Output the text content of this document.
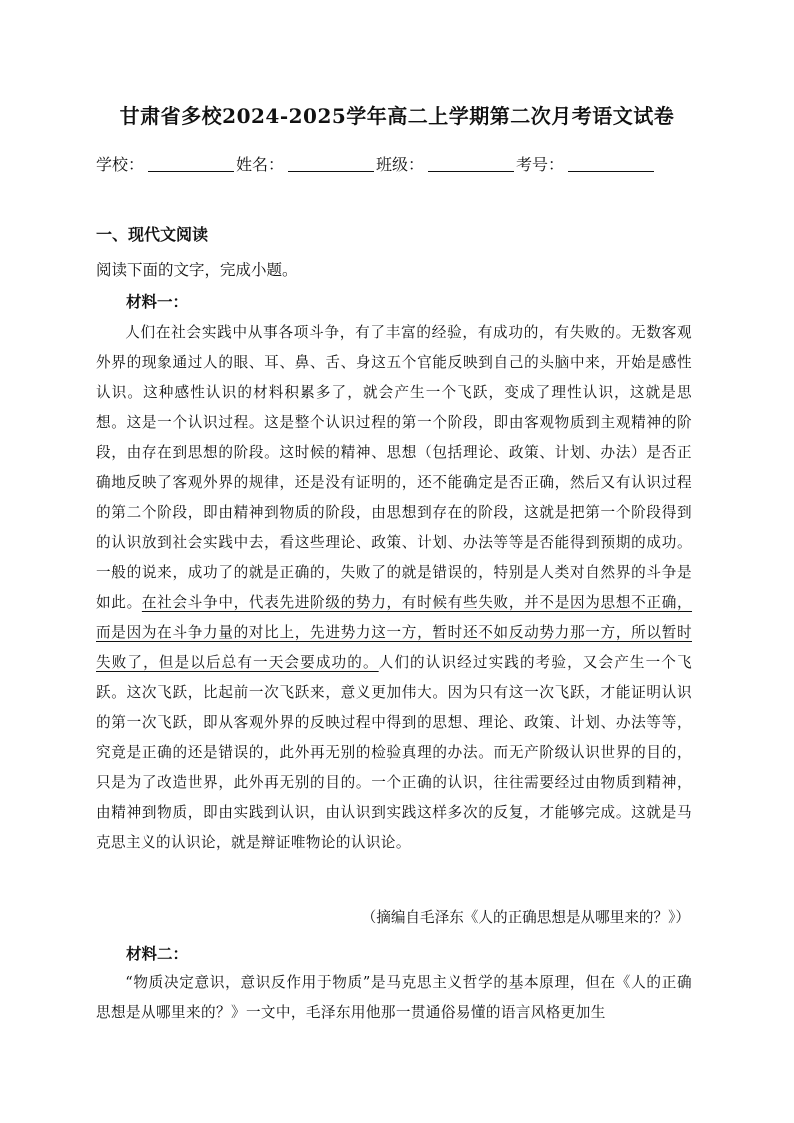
甘肃省多校2024-2025学年高二上学期第二次月考语文试卷
学校：	姓名：	班级：	考号：
一、现代文阅读
阅读下面的文字，完成小题。
材料一：
人们在社会实践中从事各项斗争，有了丰富的经验，有成功的，有失败的。无数客观外界的现象通过人的眼、耳、鼻、舌、身这五个官能反映到自己的头脑中来，开始是感性认识。这种感性认识的材料积累多了，就会产生一个飞跃，变成了理性认识，这就是思想。这是一个认识过程。这是整个认识过程的第一个阶段，即由客观物质到主观精神的阶段，由存在到思想的阶段。这时候的精神、思想（包括理论、政策、计划、办法）是否正确地反映了客观外界的规律，还是没有证明的，还不能确定是否正确，然后又有认识过程的第二个阶段，即由精神到物质的阶段，由思想到存在的阶段，这就是把第一个阶段得到的认识放到社会实践中去，看这些理论、政策、计划、办法等等是否能得到预期的成功。一般的说来，成功了的就是正确的，失败了的就是错误的，特别是人类对自然界的斗争是如此。在社会斗争中，代表先进阶级的势力，有时候有些失败，并不是因为思想不正确，而是因为在斗争力量的对比上，先进势力这一方，暂时还不如反动势力那一方，所以暂时失败了，但是以后总有一天会要成功的。人们的认识经过实践的考验，又会产生一个飞跃。这次飞跃，比起前一次飞跃来，意义更加伟大。因为只有这一次飞跃，才能证明认识的第一次飞跃，即从客观外界的反映过程中得到的思想、理论、政策、计划、办法等等，究竟是正确的还是错误的，此外再无别的检验真理的办法。而无产阶级认识世界的目的，只是为了改造世界，此外再无别的目的。一个正确的认识，往往需要经过由物质到精神，由精神到物质，即由实践到认识，由认识到实践这样多次的反复，才能够完成。这就是马克思主义的认识论，就是辩证唯物论的认识论。
（摘编自毛泽东《人的正确思想是从哪里来的？》）
材料二：
“物质决定意识，意识反作用于物质”是马克思主义哲学的基本原理，但在《人的正确思想是从哪里来的？》一文中，毛泽东用他那一贯通俗易懂的语言风格更加生
